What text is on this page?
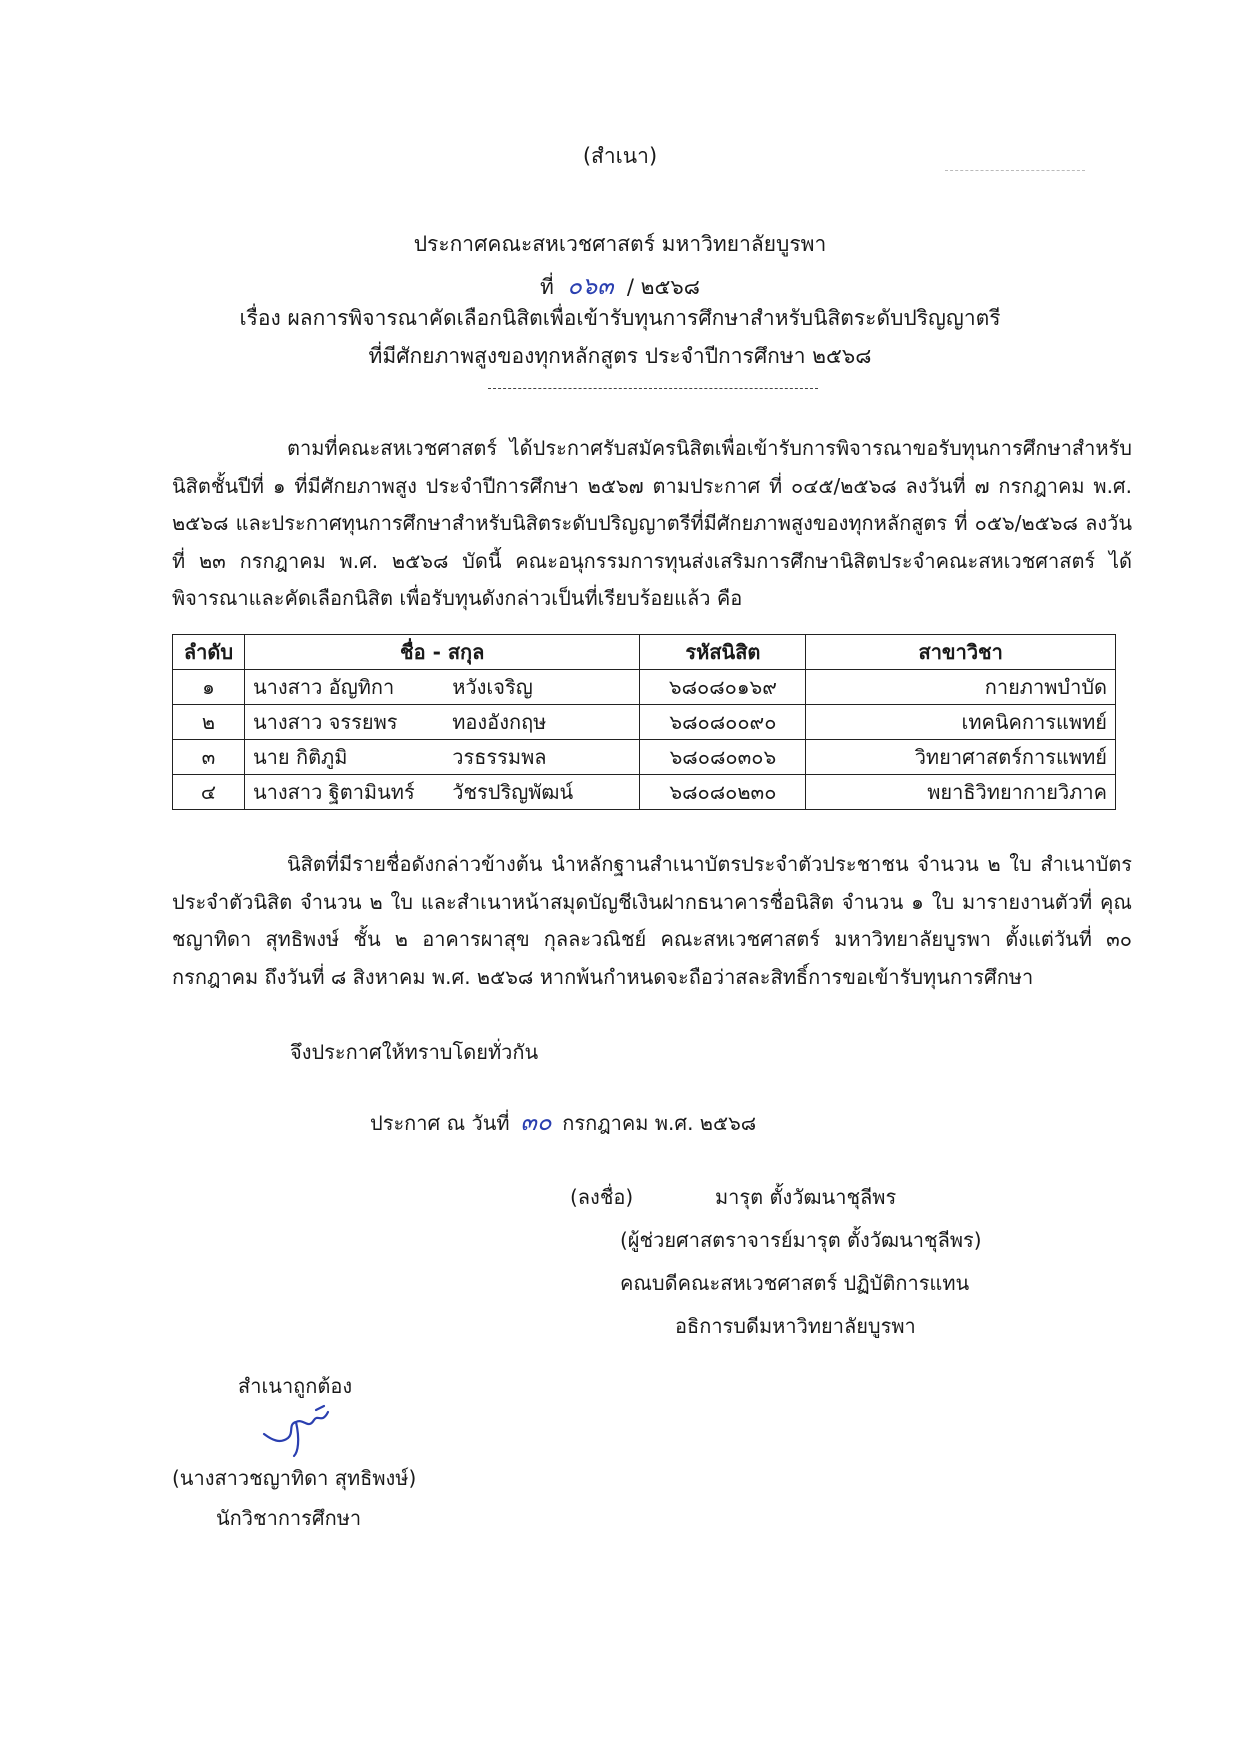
(สำเนา)
ประกาศคณะสหเวชศาสตร์ มหาวิทยาลัยบูรพา
ที่ ๐๖๓ / ๒๕๖๘
เรื่อง ผลการพิจารณาคัดเลือกนิสิตเพื่อเข้ารับทุนการศึกษาสำหรับนิสิตระดับปริญญาตรี
ที่มีศักยภาพสูงของทุกหลักสูตร ประจำปีการศึกษา ๒๕๖๘
ตามที่คณะสหเวชศาสตร์ ได้ประกาศรับสมัครนิสิตเพื่อเข้ารับการพิจารณาขอรับทุนการศึกษาสำหรับนิสิตชั้นปีที่ ๑ ที่มีศักยภาพสูง ประจำปีการศึกษา ๒๕๖๗ ตามประกาศ ที่ ๐๔๕/๒๕๖๘ ลงวันที่ ๗ กรกฎาคม พ.ศ. ๒๕๖๘ และประกาศทุนการศึกษาสำหรับนิสิตระดับปริญญาตรีที่มีศักยภาพสูงของทุกหลักสูตร ที่ ๐๕๖/๒๕๖๘ ลงวันที่ ๒๓ กรกฎาคม พ.ศ. ๒๕๖๘ บัดนี้ คณะอนุกรรมการทุนส่งเสริมการศึกษานิสิตประจำคณะสหเวชศาสตร์ ได้พิจารณาและคัดเลือกนิสิต เพื่อรับทุนดังกล่าวเป็นที่เรียบร้อยแล้ว คือ
ลำดับ	ชื่อ - สกุล		รหัสนิสิต	สาขาวิชา
๑	นางสาว อัญทิกา	หวังเจริญ	๖๘๐๘๐๑๖๙	กายภาพบำบัด
๒	นางสาว จรรยพร	ทองอังกฤษ	๖๘๐๘๐๐๙๐	เทคนิคการแพทย์
๓	นาย กิติภูมิ	วรธรรมพล	๖๘๐๘๐๓๐๖	วิทยาศาสตร์การแพทย์
๔	นางสาว ฐิตามินทร์	วัชรปริญพัฒน์	๖๘๐๘๐๒๓๐	พยาธิวิทยากายวิภาค
นิสิตที่มีรายชื่อดังกล่าวข้างต้น นำหลักฐานสำเนาบัตรประจำตัวประชาชน จำนวน ๒ ใบ สำเนาบัตรประจำตัวนิสิต จำนวน ๒ ใบ และสำเนาหน้าสมุดบัญชีเงินฝากธนาคารชื่อนิสิต จำนวน ๑ ใบ มารายงานตัวที่ คุณชญาทิดา สุทธิพงษ์ ชั้น ๒ อาคารผาสุข กุลละวณิชย์ คณะสหเวชศาสตร์ มหาวิทยาลัยบูรพา ตั้งแต่วันที่ ๓๐ กรกฎาคม ถึงวันที่ ๘ สิงหาคม พ.ศ. ๒๕๖๘ หากพ้นกำหนดจะถือว่าสละสิทธิ์การขอเข้ารับทุนการศึกษา
จึงประกาศให้ทราบโดยทั่วกัน
ประกาศ ณ วันที่ ๓๐ กรกฎาคม พ.ศ. ๒๕๖๘
(ลงชื่อ)	มารุต ตั้งวัฒนาชุลีพร
(ผู้ช่วยศาสตราจารย์มารุต ตั้งวัฒนาชุลีพร)
คณบดีคณะสหเวชศาสตร์ ปฏิบัติการแทน
อธิการบดีมหาวิทยาลัยบูรพา
สำเนาถูกต้อง
(นางสาวชญาทิดา สุทธิพงษ์)
นักวิชาการศึกษา
